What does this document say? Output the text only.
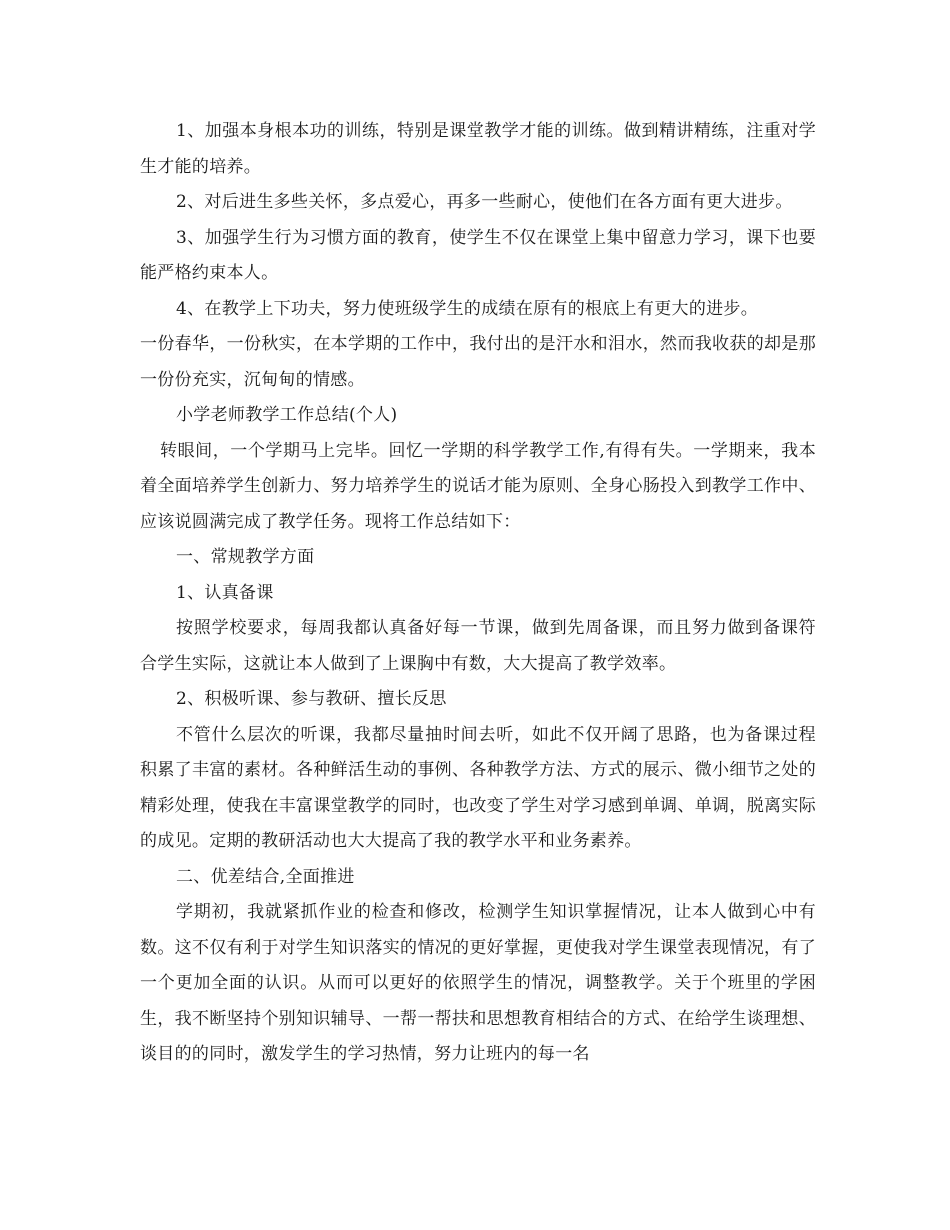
1、加强本身根本功的训练，特别是课堂教学才能的训练。做到精讲精练，注重对学生才能的培养。

2、对后进生多些关怀，多点爱心，再多一些耐心，使他们在各方面有更大进步。

3、加强学生行为习惯方面的教育，使学生不仅在课堂上集中留意力学习，课下也要能严格约束本人。

4、在教学上下功夫，努力使班级学生的成绩在原有的根底上有更大的进步。

一份春华，一份秋实，在本学期的工作中，我付出的是汗水和泪水，然而我收获的却是那一份份充实，沉甸甸的情感。

小学老师教学工作总结(个人)

转眼间，一个学期马上完毕。回忆一学期的科学教学工作,有得有失。一学期来，我本着全面培养学生创新力、努力培养学生的说话才能为原则、全身心肠投入到教学工作中、应该说圆满完成了教学任务。现将工作总结如下：

一、常规教学方面

1、认真备课

按照学校要求，每周我都认真备好每一节课，做到先周备课，而且努力做到备课符合学生实际，这就让本人做到了上课胸中有数，大大提高了教学效率。

2、积极听课、参与教研、擅长反思

不管什么层次的听课，我都尽量抽时间去听，如此不仅开阔了思路，也为备课过程积累了丰富的素材。各种鲜活生动的事例、各种教学方法、方式的展示、微小细节之处的精彩处理，使我在丰富课堂教学的同时，也改变了学生对学习感到单调、单调，脱离实际的成见。定期的教研活动也大大提高了我的教学水平和业务素养。

二、优差结合,全面推进

学期初，我就紧抓作业的检查和修改，检测学生知识掌握情况，让本人做到心中有数。这不仅有利于对学生知识落实的情况的更好掌握，更使我对学生课堂表现情况，有了一个更加全面的认识。从而可以更好的依照学生的情况，调整教学。关于个班里的学困生，我不断坚持个别知识辅导、一帮一帮扶和思想教育相结合的方式、在给学生谈理想、谈目的的同时，激发学生的学习热情，努力让班内的每一名
